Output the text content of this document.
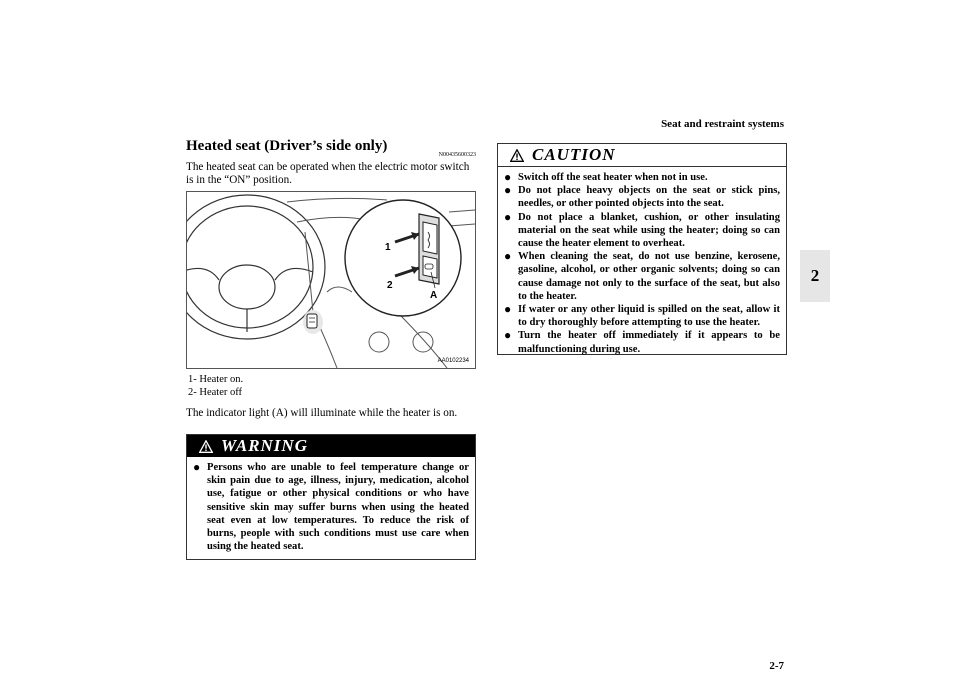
Seat and restraint systems
2
2-7
Heated seat (Driver’s side only)
N00435600323
The heated seat can be operated when the electric motor switch is in the “ON” position.
1
2
A
AA0102234
1- Heater on.
2- Heater off
The indicator light (A) will illuminate while the heater is on.
WARNING
● Persons who are unable to feel temperature change or skin pain due to age, illness, injury, medication, alcohol use, fatigue or other physical conditions or who have sensitive skin may suffer burns when using the heated seat even at low temperatures. To reduce the risk of burns, people with such conditions must use care when using the heated seat.
CAUTION
● Switch off the seat heater when not in use.
● Do not place heavy objects on the seat or stick pins, needles, or other pointed objects into the seat.
● Do not place a blanket, cushion, or other insulating material on the seat while using the heater; doing so can cause the heater element to overheat.
● When cleaning the seat, do not use benzine, kerosene, gasoline, alcohol, or other organic solvents; doing so can cause damage not only to the surface of the seat, but also to the heater.
● If water or any other liquid is spilled on the seat, allow it to dry thoroughly before attempting to use the heater.
● Turn the heater off immediately if it appears to be malfunctioning during use.
